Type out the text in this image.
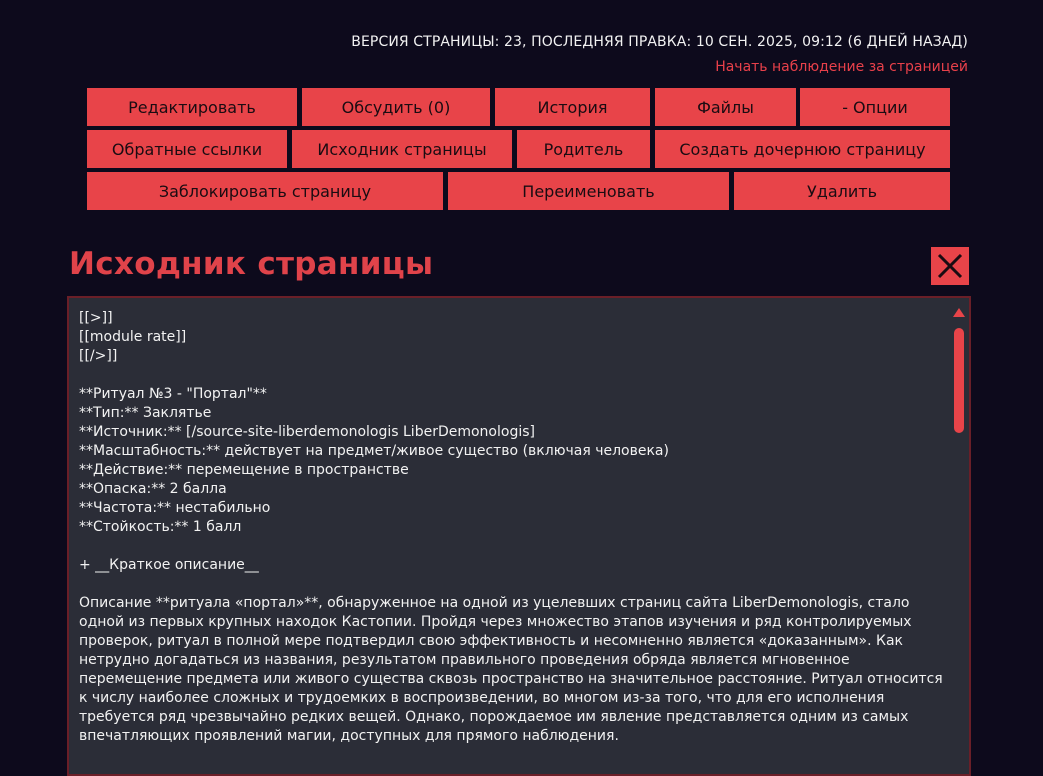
ВЕРСИЯ СТРАНИЦЫ: 23, ПОСЛЕДНЯЯ ПРАВКА: 10 СЕН. 2025, 09:12 (6 ДНЕЙ НАЗАД)
Начать наблюдение за страницей
Редактировать	Обсудить (0)	История	Файлы	- Опции
Обратные ссылки	Исходник страницы	Родитель	Создать дочернюю страницу
Заблокировать страницу	Переименовать	Удалить
Исходник страницы
[[>]]
[[module rate]]
[[/>]]

**Ритуал №3 - "Портал"**
**Тип:** Заклятье
**Источник:** [/source-site-liberdemonologis LiberDemonologis]
**Масштабность:** действует на предмет/живое существо (включая человека)
**Действие:** перемещение в пространстве
**Опаска:** 2 балла
**Частота:** нестабильно
**Стойкость:** 1 балл

+ __Краткое описание__

Описание **ритуала «портал»**, обнаруженное на одной из уцелевших страниц сайта LiberDemonologis, стало одной из первых крупных находок Кастопии. Пройдя через множество этапов изучения и ряд контролируемых проверок, ритуал в полной мере подтвердил свою эффективность и несомненно является «доказанным». Как нетрудно догадаться из названия, результатом правильного проведения обряда является мгновенное перемещение предмета или живого существа сквозь пространство на значительное расстояние. Ритуал относится к числу наиболее сложных и трудоемких в воспроизведении, во многом из-за того, что для его исполнения требуется ряд чрезвычайно редких вещей. Однако, порождаемое им явление представляется одним из самых впечатляющих проявлений магии, доступных для прямого наблюдения.
